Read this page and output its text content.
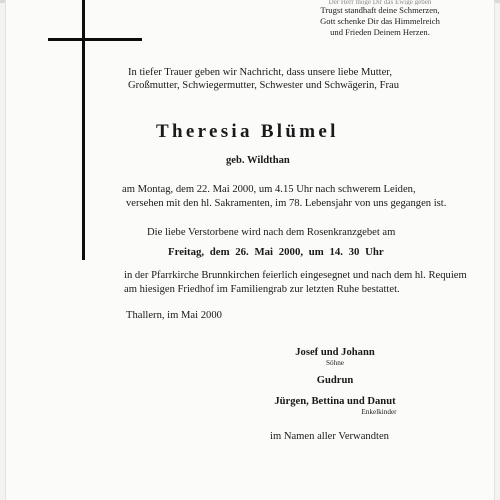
Der Herr möge Dir das Ewige geben
Trugst standhaft deine Schmerzen,
Gott schenke Dir das Himmelreich
und Frieden Deinem Herzen.
In tiefer Trauer geben wir Nachricht, dass unsere liebe Mutter,
Großmutter, Schwiegermutter, Schwester und Schwägerin, Frau
Theresia Blümel
geb. Wildthan
am Montag, dem 22. Mai 2000, um 4.15 Uhr nach schwerem Leiden,
versehen mit den hl. Sakramenten, im 78. Lebensjahr von uns gegangen ist.
Die liebe Verstorbene wird nach dem Rosenkranzgebet am
Freitag, dem 26. Mai 2000, um 14. 30 Uhr
in der Pfarrkirche Brunnkirchen feierlich eingesegnet und nach dem hl. Requiem
am hiesigen Friedhof im Familiengrab zur letzten Ruhe bestattet.
Thallern, im Mai 2000
Josef und Johann
Söhne
Gudrun
Jürgen, Bettina und Danut
Enkelkinder
im Namen aller Verwandten
